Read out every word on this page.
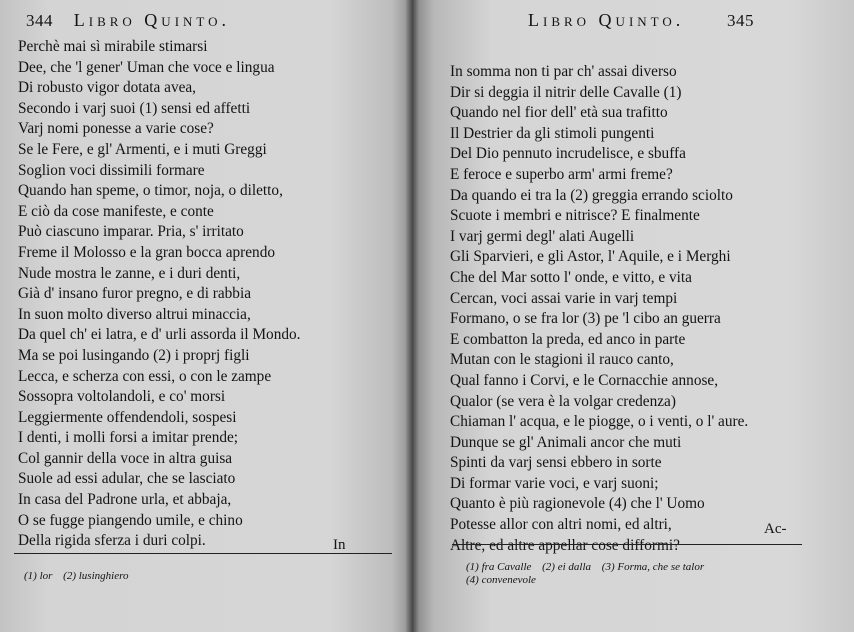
344 Libro Quinto.
Perchè mai sì mirabile stimarsi
Dee, che 'l gener' Uman che voce e lingua
Di robusto vigor dotata avea,
Secondo i varj suoi (1) sensi ed affetti
Varj nomi ponesse a varie cose?
Se le Fere, e gl' Armenti, e i muti Greggi
Soglion voci dissimili formare
Quando han speme, o timor, noja, o diletto,
E ciò da cose manifeste, e conte
Può ciascuno imparar. Pria, s' irritato
Freme il Molosso e la gran bocca aprendo
Nude mostra le zanne, e i duri denti,
Già d' insano furor pregno, e di rabbia
In suon molto diverso altrui minaccia,
Da quel ch' ei latra, e d' urli assorda il Mondo.
Ma se poi lusingando (2) i proprj figli
Lecca, e scherza con essi, o con le zampe
Sossopra voltolandoli, e co' morsi
Leggiermente offendendoli, sospesi
I denti, i molli forsi a imitar prende;
Col gannir della voce in altra guisa
Suole ad essi adular, che se lasciato
In casa del Padrone urla, et abbaja,
O se fugge piangendo umile, e chino
Della rigida sferza i duri colpi.	In
(1) lor (2) lusinghiero
Libro Quinto.	345
In somma non ti par ch' assai diverso
Dir si deggia il nitrir delle Cavalle (1)
Quando nel fior dell' età sua trafitto
Il Destrier da gli stimoli pungenti
Del Dio pennuto incrudelisce, e sbuffa
E feroce e superbo arm' armi freme?
Da quando ei tra la (2) greggia errando sciolto
Scuote i membri e nitrisce? E finalmente
I varj germi degl' alati Augelli
Gli Sparvieri, e gli Astor, l' Aquile, e i Merghi
Che del Mar sotto l' onde, e vitto, e vita
Cercan, voci assai varie in varj tempi
Formano, o se fra lor (3) pe 'l cibo an guerra
E combatton la preda, ed anco in parte
Mutan con le stagioni il rauco canto,
Qual fanno i Corvi, e le Cornacchie annose,
Qualor (se vera è la volgar credenza)
Chiaman l' acqua, e le piogge, o i venti, o l' aure.
Dunque se gl' Animali ancor che muti
Spinti da varj sensi ebbero in sorte
Di formar varie voci, e varj suoni;
Quanto è più ragionevole (4) che l' Uomo
Potesse allor con altri nomi, ed altri,
Altre, ed altre appellar cose difformi?
Ac-
(1) fra Cavalle (2) ei dalla (3) Forma, che se talor
(4) convenevole
